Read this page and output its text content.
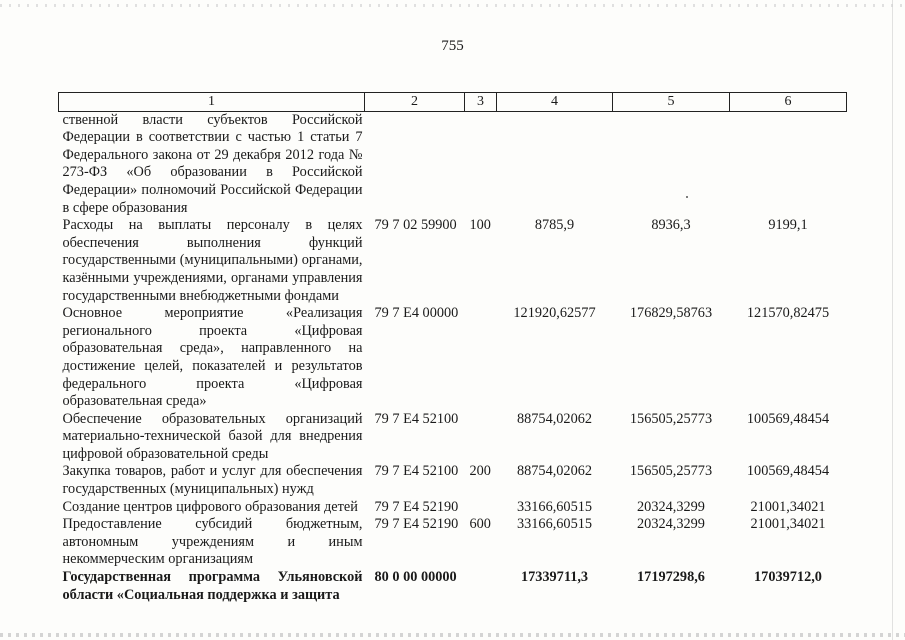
755
1	2	3	4	5	6
ственной власти субъектов Российской Федерации в соответствии с частью 1 статьи 7 Федерального закона от 29 декабря 2012 года № 273-ФЗ «Об образовании в Российской Федерации» полномочий Российской Федерации в сфере образования					
Расходы на выплаты персоналу в целях обеспечения выполнения функций государственными (муниципальными) органами, казёнными учреждениями, органами управления государственными внебюджетными фондами	79 7 02 59900	100	8785,9	8936,3	9199,1
Основное мероприятие «Реализация регионального проекта «Цифровая образовательная среда», направленного на достижение целей, показателей и результатов федерального проекта «Цифровая образовательная среда»	79 7 E4 00000		121920,62577	176829,58763	121570,82475
Обеспечение образовательных организаций материально-технической базой для внедрения цифровой образовательной среды	79 7 E4 52100		88754,02062	156505,25773	100569,48454
Закупка товаров, работ и услуг для обеспечения государственных (муниципальных) нужд	79 7 E4 52100	200	88754,02062	156505,25773	100569,48454
Создание центров цифрового образования детей	79 7 E4 52190		33166,60515	20324,3299	21001,34021
Предоставление субсидий бюджетным, автономным учреждениям и иным некоммерческим организациям	79 7 E4 52190	600	33166,60515	20324,3299	21001,34021
Государственная программа Ульяновской области «Социальная поддержка и защита	80 0 00 00000		17339711,3	17197298,6	17039712,0
